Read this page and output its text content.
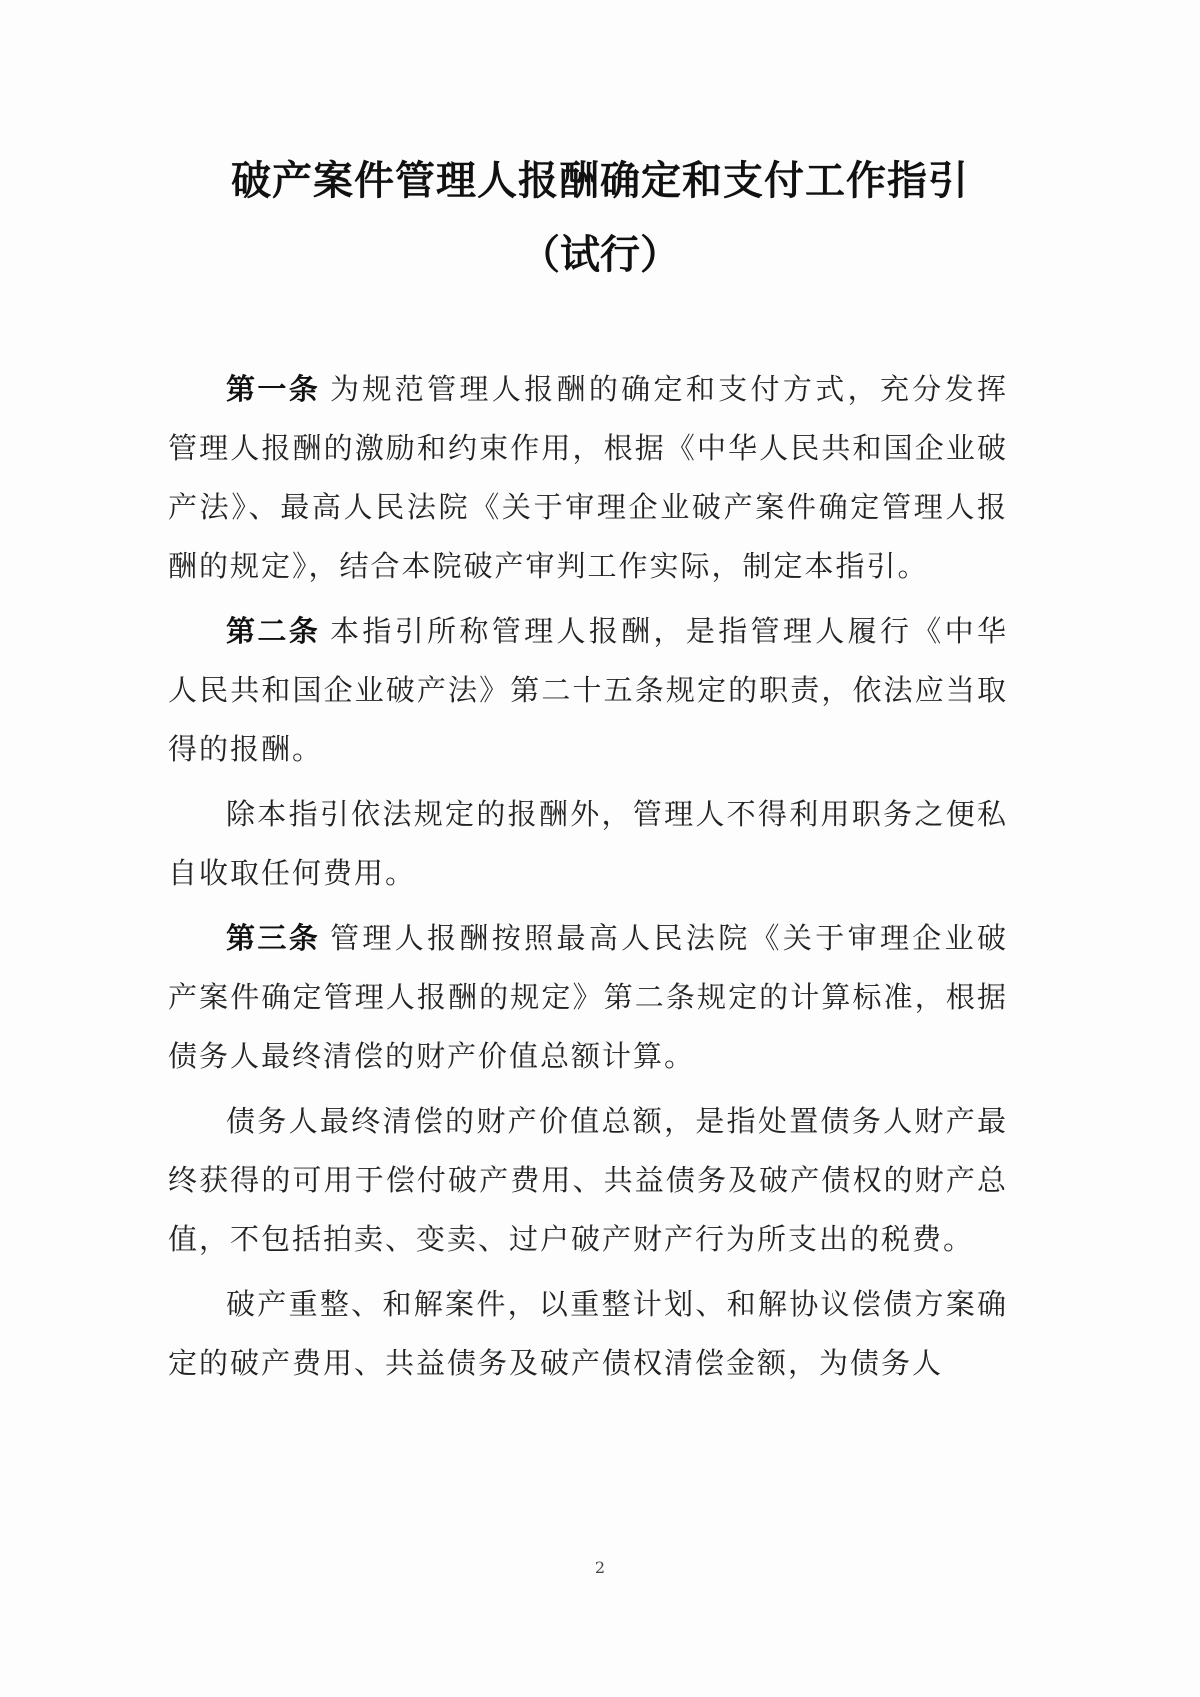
破产案件管理人报酬确定和支付工作指引
（试行）

第一条 为规范管理人报酬的确定和支付方式，充分发挥管理人报酬的激励和约束作用，根据《中华人民共和国企业破产法》、最高人民法院《关于审理企业破产案件确定管理人报酬的规定》，结合本院破产审判工作实际，制定本指引。

第二条 本指引所称管理人报酬，是指管理人履行《中华人民共和国企业破产法》第二十五条规定的职责，依法应当取得的报酬。

除本指引依法规定的报酬外，管理人不得利用职务之便私自收取任何费用。

第三条 管理人报酬按照最高人民法院《关于审理企业破产案件确定管理人报酬的规定》第二条规定的计算标准，根据债务人最终清偿的财产价值总额计算。

债务人最终清偿的财产价值总额，是指处置债务人财产最终获得的可用于偿付破产费用、共益债务及破产债权的财产总值，不包括拍卖、变卖、过户破产财产行为所支出的税费。

破产重整、和解案件，以重整计划、和解协议偿债方案确定的破产费用、共益债务及破产债权清偿金额，为债务人

2
